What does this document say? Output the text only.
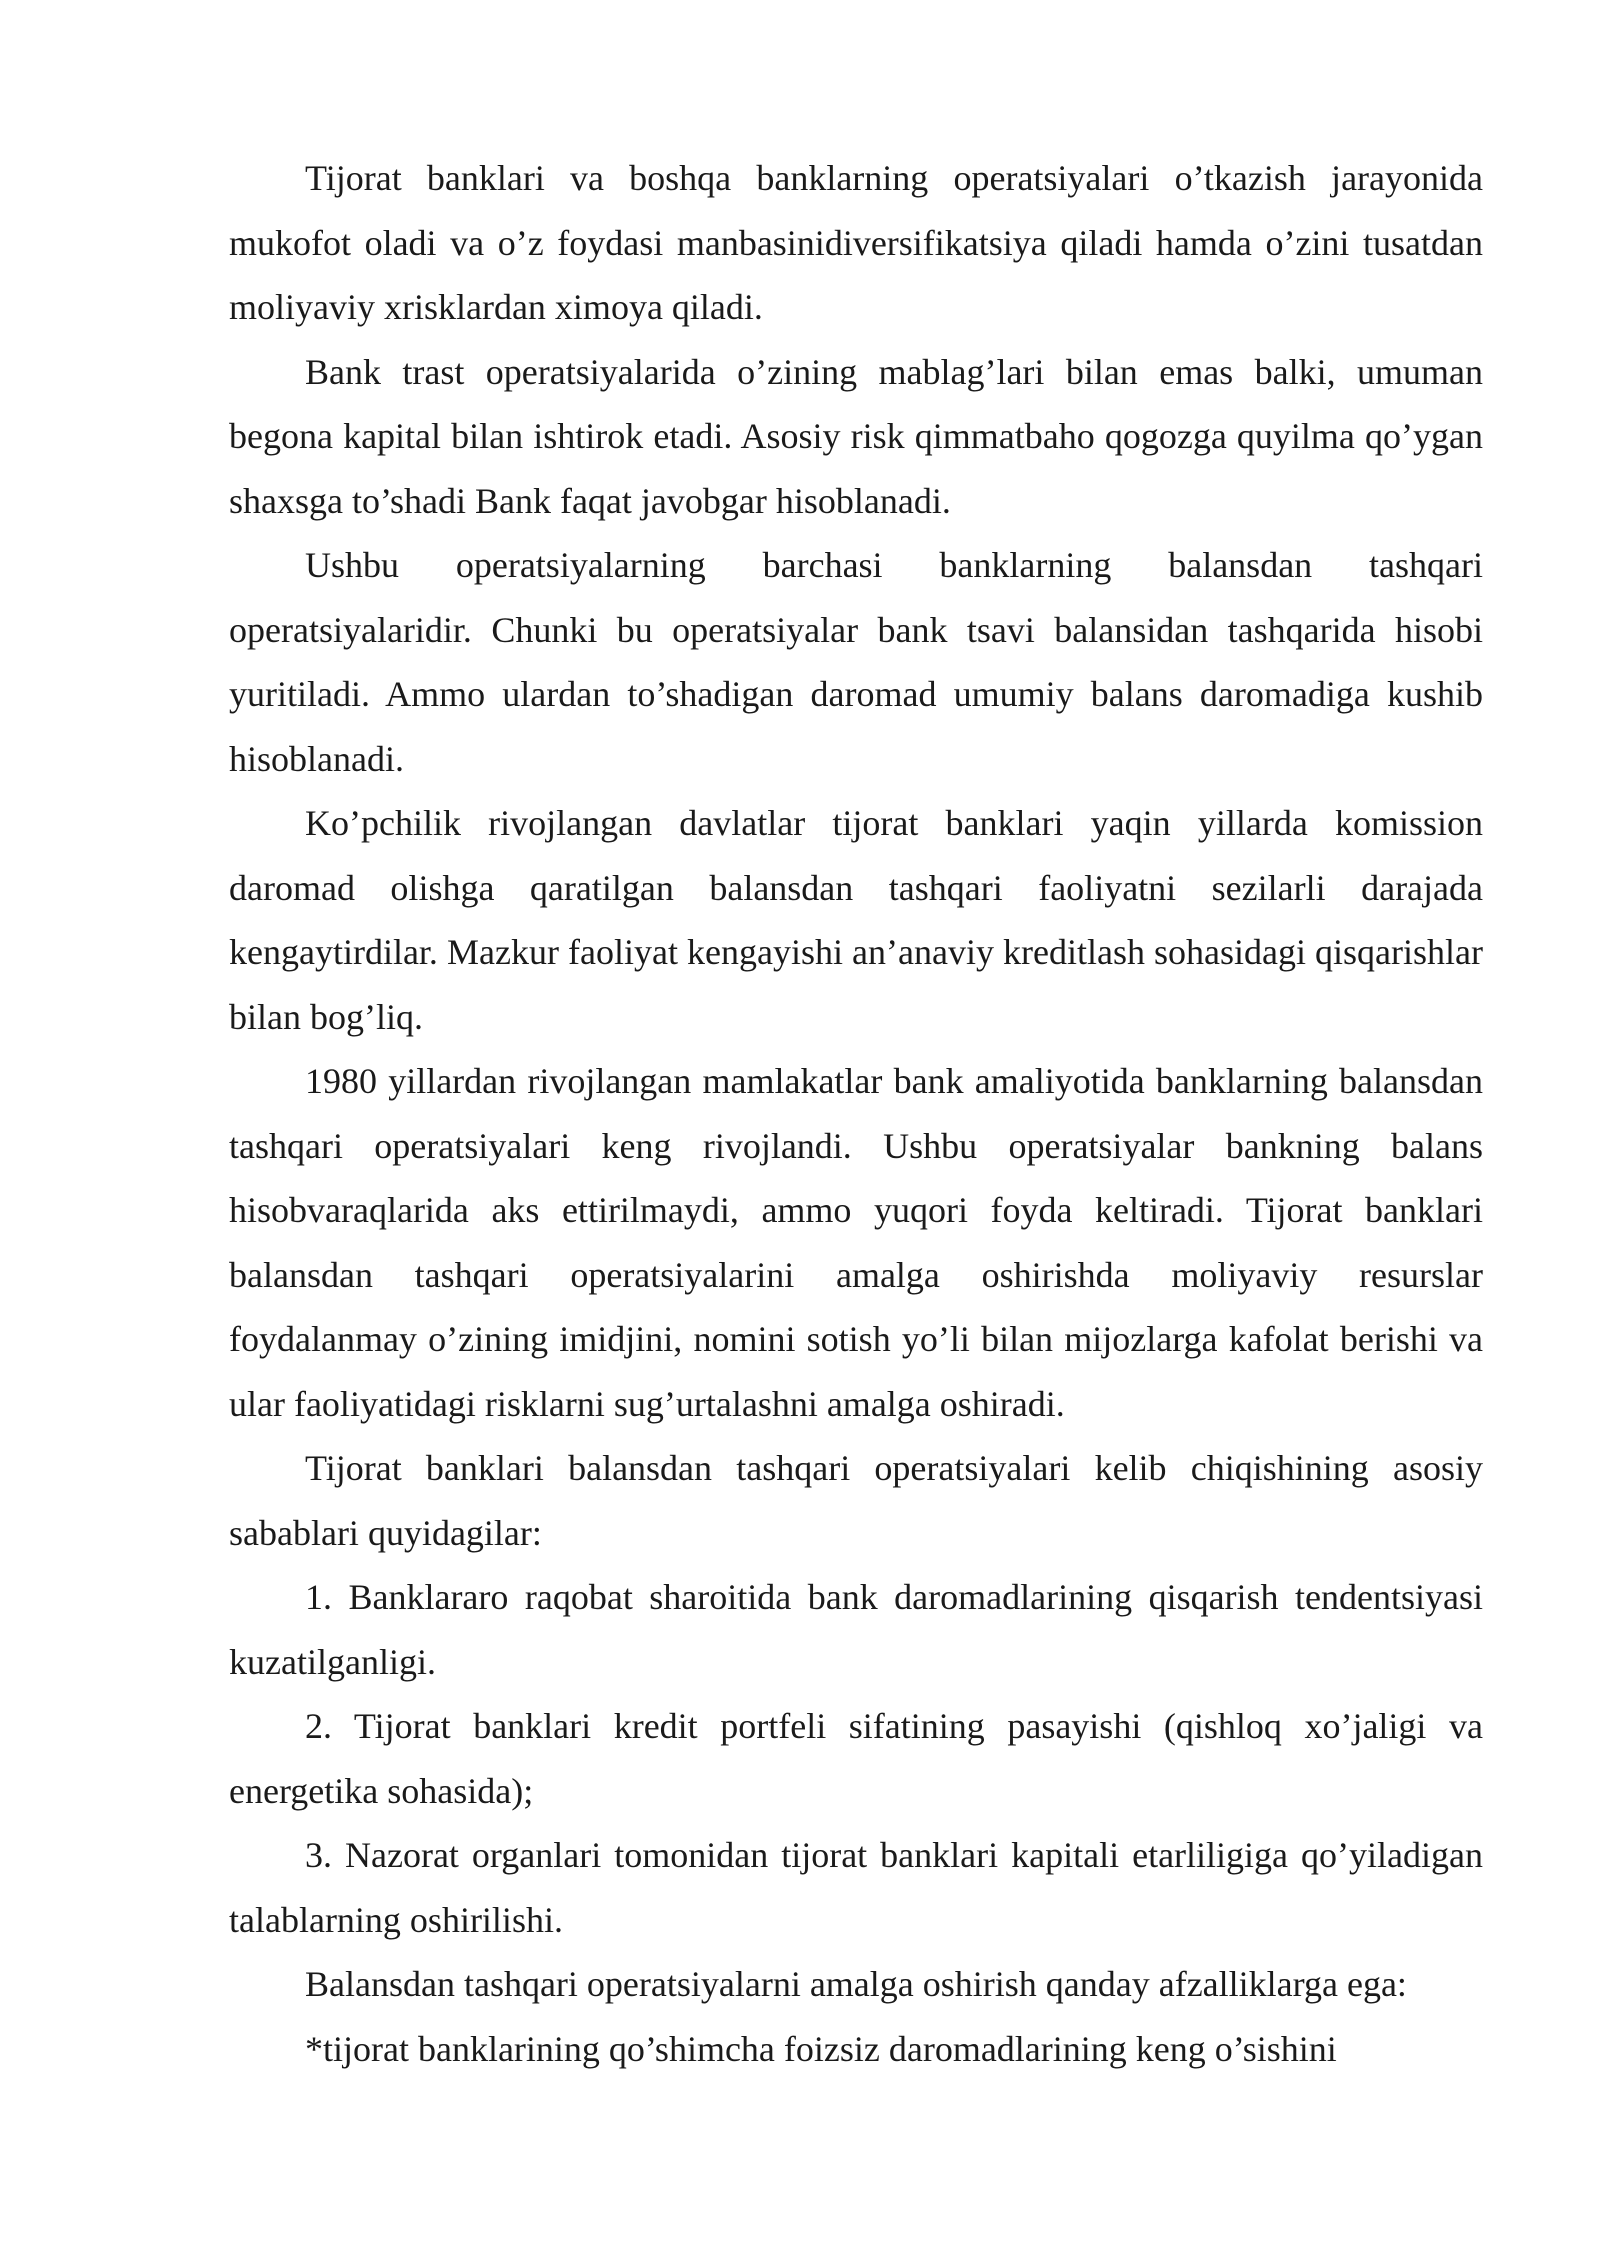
Tijorat banklari va boshqa banklarning operatsiyalari o’tkazish jarayonida mukofot oladi va o’z foydasi manbasinidiversifikatsiya qiladi hamda o’zini tusatdan moliyaviy xrisklardan ximoya qiladi.

Bank trast operatsiyalarida o’zining mablag’lari bilan emas balki, umuman begona kapital bilan ishtirok etadi. Asosiy risk qimmatbaho qogozga quyilma qo’ygan shaxsga to’shadi Bank faqat javobgar hisoblanadi.

Ushbu operatsiyalarning barchasi banklarning balansdan tashqari operatsiyalaridir. Chunki bu operatsiyalar bank tsavi balansidan tashqarida hisobi yuritiladi. Ammo ulardan to’shadigan daromad umumiy balans daromadiga kushib hisoblanadi.

Ko’pchilik rivojlangan davlatlar tijorat banklari yaqin yillarda komission daromad olishga qaratilgan balansdan tashqari faoliyatni sezilarli darajada kengaytirdilar. Mazkur faoliyat kengayishi an’anaviy kreditlash sohasidagi qisqarishlar bilan bog’liq.

1980 yillardan rivojlangan mamlakatlar bank amaliyotida banklarning balansdan tashqari operatsiyalari keng rivojlandi. Ushbu operatsiyalar bankning balans hisobvaraqlarida aks ettirilmaydi, ammo yuqori foyda keltiradi. Tijorat banklari balansdan tashqari operatsiyalarini amalga oshirishda moliyaviy resurslar foydalanmay o’zining imidjini, nomini sotish yo’li bilan mijozlarga kafolat berishi va ular faoliyatidagi risklarni sug’urtalashni amalga oshiradi.

Tijorat banklari balansdan tashqari operatsiyalari kelib chiqishining asosiy sabablari quyidagilar:

1. Banklararo raqobat sharoitida bank daromadlarining qisqarish tendentsiyasi kuzatilganligi.

2. Tijorat banklari kredit portfeli sifatining pasayishi (qishloq xo’jaligi va energetika sohasida);

3. Nazorat organlari tomonidan tijorat banklari kapitali etarliligiga qo’yiladigan talablarning oshirilishi.

Balansdan tashqari operatsiyalarni amalga oshirish qanday afzalliklarga ega:

*tijorat banklarining qo’shimcha foizsiz daromadlarining keng o’sishini
